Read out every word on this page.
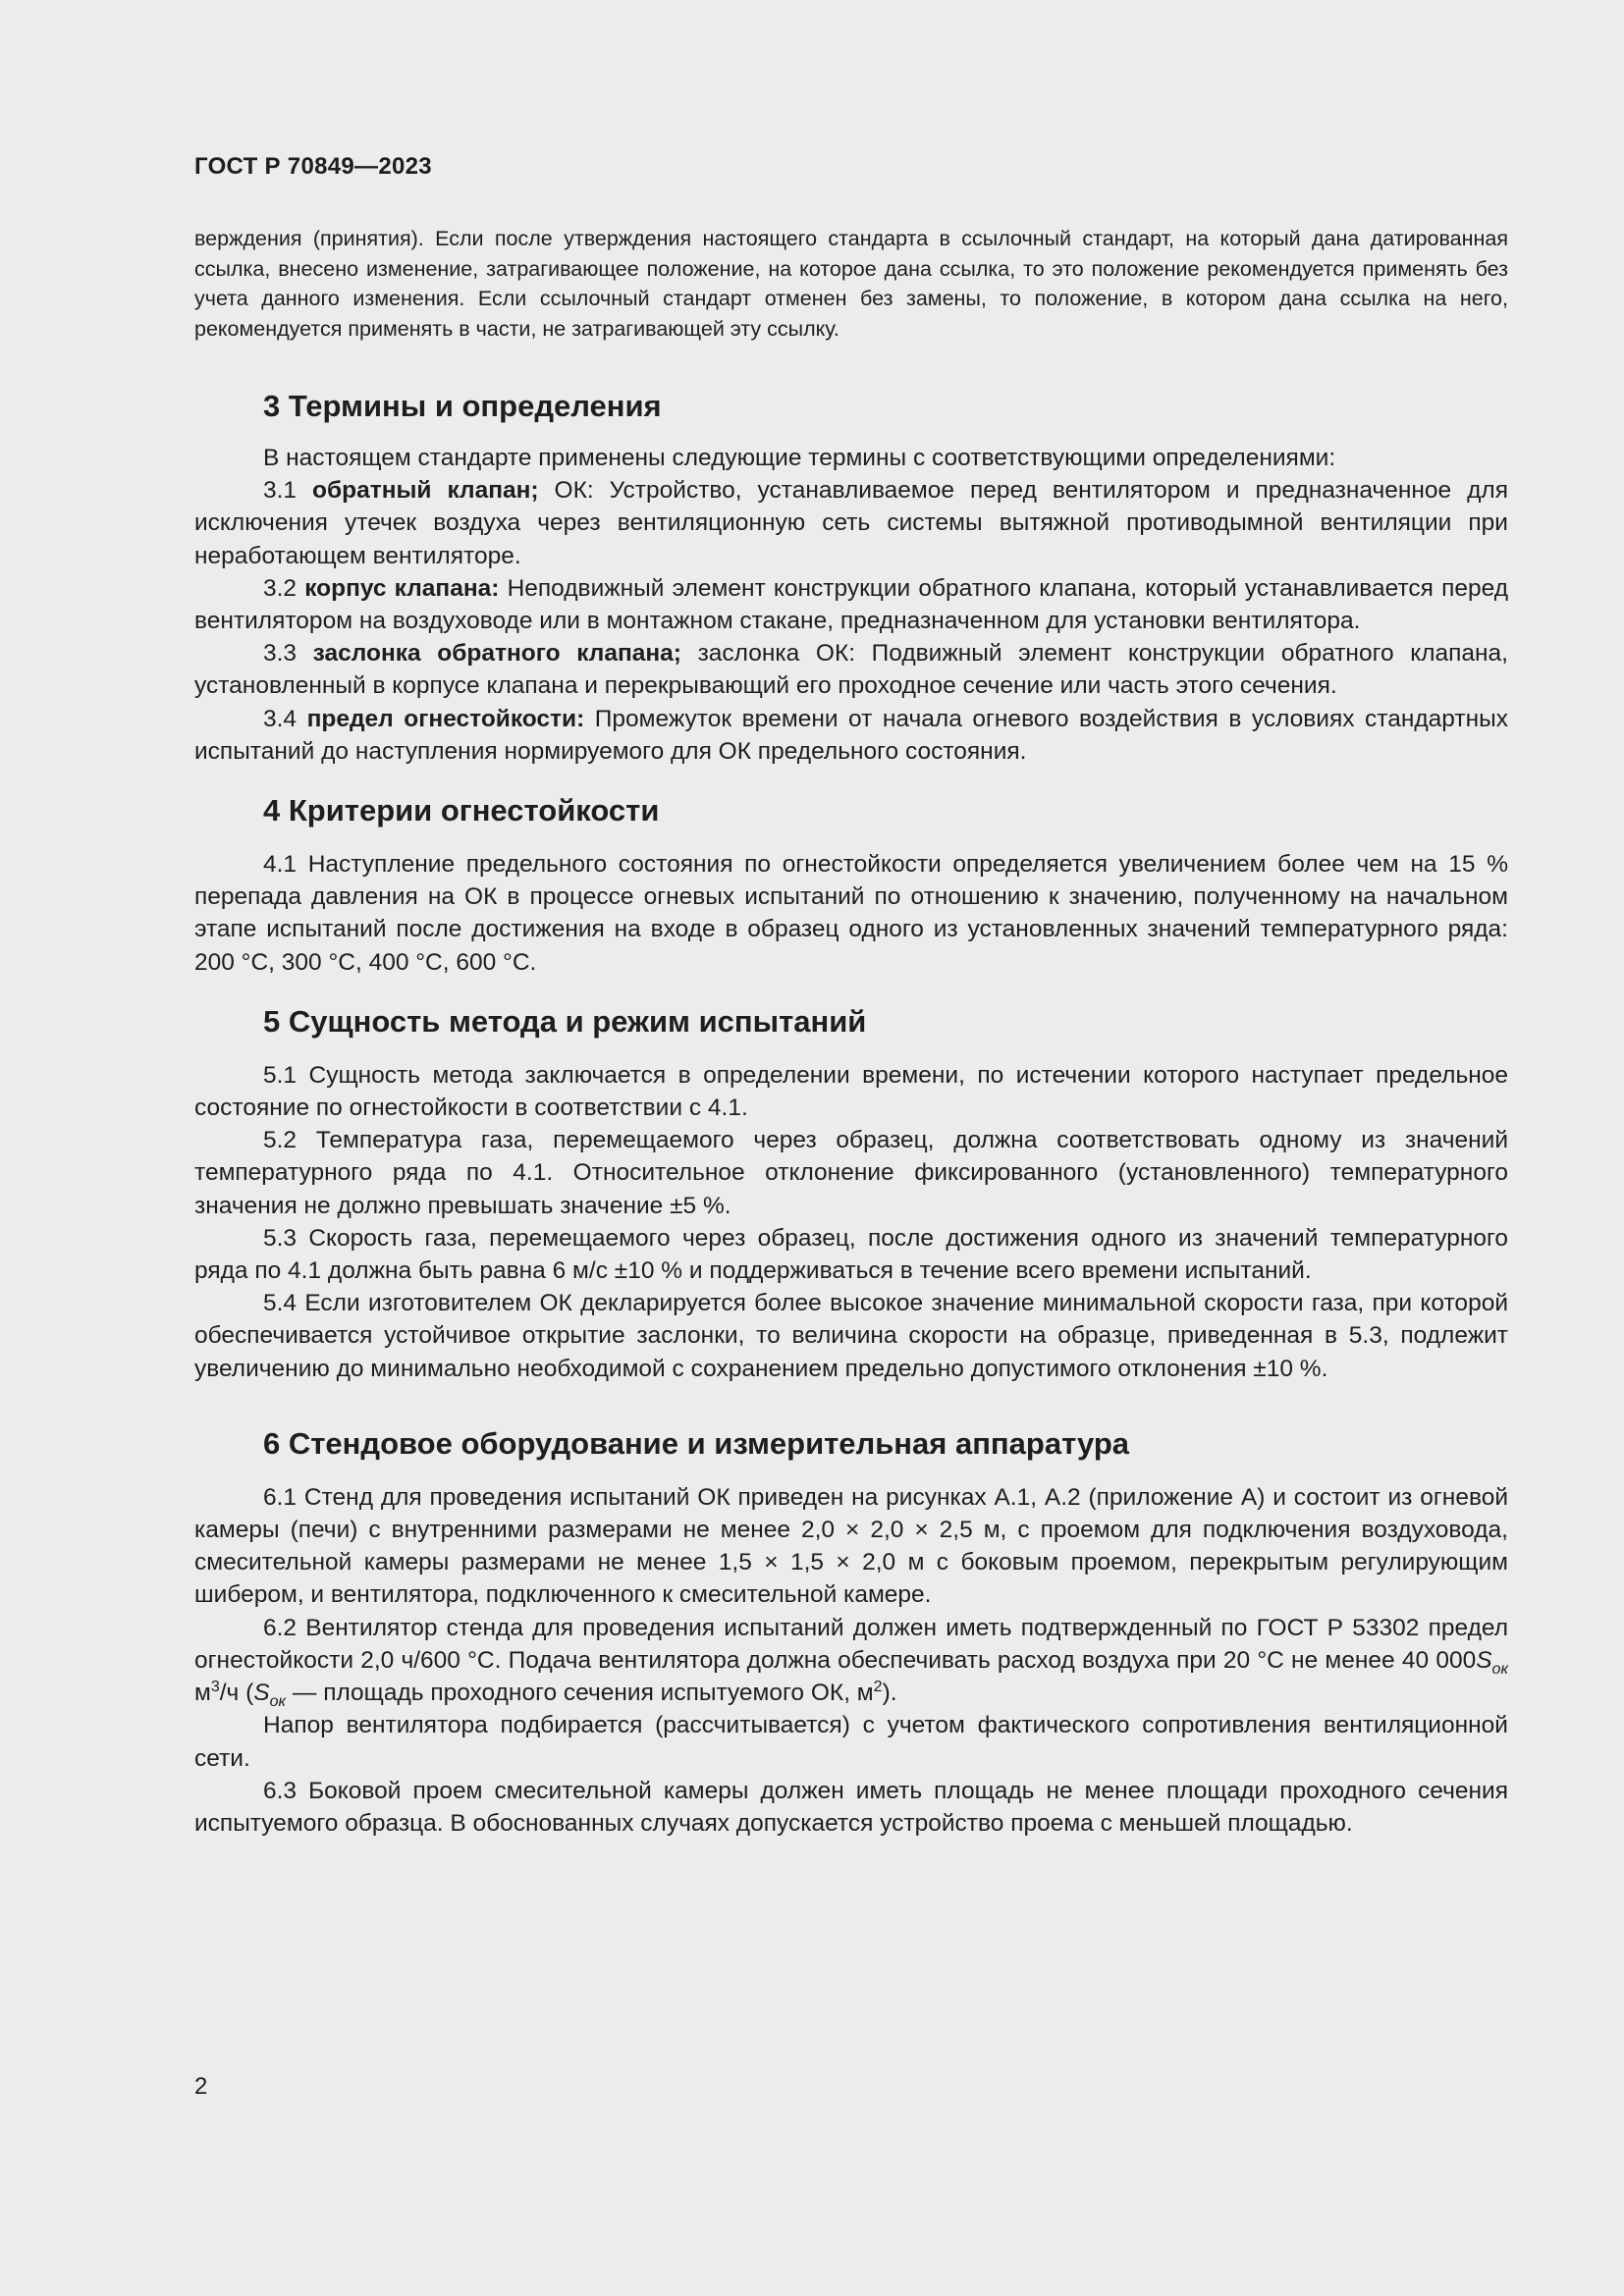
ГОСТ Р 70849—2023

верждения (принятия). Если после утверждения настоящего стандарта в ссылочный стандарт, на который дана датированная ссылка, внесено изменение, затрагивающее положение, на которое дана ссылка, то это положение рекомендуется применять без учета данного изменения. Если ссылочный стандарт отменен без замены, то положение, в котором дана ссылка на него, рекомендуется применять в части, не затрагивающей эту ссылку.

3 Термины и определения

В настоящем стандарте применены следующие термины с соответствующими определениями:

3.1 обратный клапан; ОК: Устройство, устанавливаемое перед вентилятором и предназначенное для исключения утечек воздуха через вентиляционную сеть системы вытяжной противодымной вентиляции при неработающем вентиляторе.

3.2 корпус клапана: Неподвижный элемент конструкции обратного клапана, который устанавливается перед вентилятором на воздуховоде или в монтажном стакане, предназначенном для установки вентилятора.

3.3 заслонка обратного клапана; заслонка ОК: Подвижный элемент конструкции обратного клапана, установленный в корпусе клапана и перекрывающий его проходное сечение или часть этого сечения.

3.4 предел огнестойкости: Промежуток времени от начала огневого воздействия в условиях стандартных испытаний до наступления нормируемого для ОК предельного состояния.

4 Критерии огнестойкости

4.1 Наступление предельного состояния по огнестойкости определяется увеличением более чем на 15 % перепада давления на ОК в процессе огневых испытаний по отношению к значению, полученному на начальном этапе испытаний после достижения на входе в образец одного из установленных значений температурного ряда: 200 °С, 300 °С, 400 °С, 600 °С.

5 Сущность метода и режим испытаний

5.1 Сущность метода заключается в определении времени, по истечении которого наступает предельное состояние по огнестойкости в соответствии с 4.1.

5.2 Температура газа, перемещаемого через образец, должна соответствовать одному из значений температурного ряда по 4.1. Относительное отклонение фиксированного (установленного) температурного значения не должно превышать значение ±5 %.

5.3 Скорость газа, перемещаемого через образец, после достижения одного из значений температурного ряда по 4.1 должна быть равна 6 м/с ±10 % и поддерживаться в течение всего времени испытаний.

5.4 Если изготовителем ОК декларируется более высокое значение минимальной скорости газа, при которой обеспечивается устойчивое открытие заслонки, то величина скорости на образце, приведенная в 5.3, подлежит увеличению до минимально необходимой с сохранением предельно допустимого отклонения ±10 %.

6 Стендовое оборудование и измерительная аппаратура

6.1 Стенд для проведения испытаний ОК приведен на рисунках А.1, А.2 (приложение А) и состоит из огневой камеры (печи) с внутренними размерами не менее 2,0 × 2,0 × 2,5 м, с проемом для подключения воздуховода, смесительной камеры размерами не менее 1,5 × 1,5 × 2,0 м с боковым проемом, перекрытым регулирующим шибером, и вентилятора, подключенного к смесительной камере.

6.2 Вентилятор стенда для проведения испытаний должен иметь подтвержденный по ГОСТ Р 53302 предел огнестойкости 2,0 ч/600 °С. Подача вентилятора должна обеспечивать расход воздуха при 20 °С не менее 40 $000S_{ок}$ $м^3/ч$ ($S_{ок}$ — площадь проходного сечения испытуемого ОК, $м^2$).

Напор вентилятора подбирается (рассчитывается) с учетом фактического сопротивления вентиляционной сети.

6.3 Боковой проем смесительной камеры должен иметь площадь не менее площади проходного сечения испытуемого образца. В обоснованных случаях допускается устройство проема с меньшей площадью.

2
